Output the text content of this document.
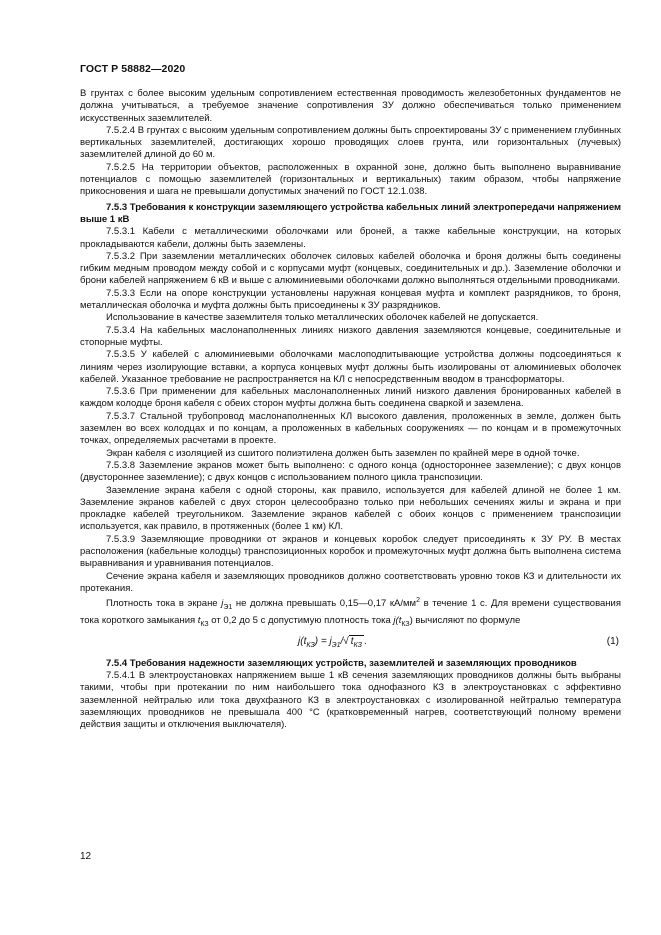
ГОСТ Р 58882—2020

В грунтах с более высоким удельным сопротивлением естественная проводимость железобетонных фундаментов не должна учитываться, а требуемое значение сопротивления ЗУ должно обеспечиваться только применением искусственных заземлителей.

7.5.2.4 В грунтах с высоким удельным сопротивлением должны быть спроектированы ЗУ с применением глубинных вертикальных заземлителей, достигающих хорошо проводящих слоев грунта, или горизонтальных (лучевых) заземлителей длиной до 60 м.

7.5.2.5 На территории объектов, расположенных в охранной зоне, должно быть выполнено выравнивание потенциалов с помощью заземлителей (горизонтальных и вертикальных) таким образом, чтобы напряжение прикосновения и шага не превышали допустимых значений по ГОСТ 12.1.038.

7.5.3 Требования к конструкции заземляющего устройства кабельных линий электропередачи напряжением выше 1 кВ

7.5.3.1 Кабели с металлическими оболочками или броней, а также кабельные конструкции, на которых прокладываются кабели, должны быть заземлены.

7.5.3.2 При заземлении металлических оболочек силовых кабелей оболочка и броня должны быть соединены гибким медным проводом между собой и с корпусами муфт (концевых, соединительных и др.). Заземление оболочки и брони кабелей напряжением 6 кВ и выше с алюминиевыми оболочками должно выполняться отдельными проводниками.

7.5.3.3 Если на опоре конструкции установлены наружная концевая муфта и комплект разрядников, то броня, металлическая оболочка и муфта должны быть присоединены к ЗУ разрядников.

Использование в качестве заземлителя только металлических оболочек кабелей не допускается.

7.5.3.4 На кабельных маслонаполненных линиях низкого давления заземляются концевые, соединительные и стопорные муфты.

7.5.3.5 У кабелей с алюминиевыми оболочками маслоподпитывающие устройства должны подсоединяться к линиям через изолирующие вставки, а корпуса концевых муфт должны быть изолированы от алюминиевых оболочек кабелей. Указанное требование не распространяется на КЛ с непосредственным вводом в трансформаторы.

7.5.3.6 При применении для кабельных маслонаполненных линий низкого давления бронированных кабелей в каждом колодце броня кабеля с обеих сторон муфты должна быть соединена сваркой и заземлена.

7.5.3.7 Стальной трубопровод маслонаполненных КЛ высокого давления, проложенных в земле, должен быть заземлен во всех колодцах и по концам, а проложенных в кабельных сооружениях — по концам и в промежуточных точках, определяемых расчетами в проекте.

Экран кабеля с изоляцией из сшитого полиэтилена должен быть заземлен по крайней мере в одной точке.

7.5.3.8 Заземление экранов может быть выполнено: с одного конца (одностороннее заземление); с двух концов (двустороннее заземление); с двух концов с использованием полного цикла транспозиции.

Заземление экрана кабеля с одной стороны, как правило, используется для кабелей длиной не более 1 км. Заземление экранов кабелей с двух сторон целесообразно только при небольших сечениях жилы и экрана и при прокладке кабелей треугольником. Заземление экранов кабелей с обоих концов с применением транспозиции используется, как правило, в протяженных (более 1 км) КЛ.

7.5.3.9 Заземляющие проводники от экранов и концевых коробок следует присоединять к ЗУ РУ. В местах расположения (кабельные колодцы) транспозиционных коробок и промежуточных муфт должна быть выполнена система выравнивания и уравнивания потенциалов.

Сечение экрана кабеля и заземляющих проводников должно соответствовать уровню токов КЗ и длительности их протекания.

Плотность тока в экране $j_{Э1}$ не должна превышать 0,15—0,17 $кА/мм^2$ в течение 1 с. Для времени существования тока короткого замыкания $t_{КЗ}$ от 0,2 до 5 с допустимую плотность тока $j(t_{КЗ})$ вычисляют по формуле

$j(t_{КЗ}) = j_{Э1}/√$ $t_{КЗ}$ .	(1)

7.5.4 Требования надежности заземляющих устройств, заземлителей и заземляющих проводников

7.5.4.1 В электроустановках напряжением выше 1 кВ сечения заземляющих проводников должны быть выбраны такими, чтобы при протекании по ним наибольшего тока однофазного КЗ в электроустановках с эффективно заземленной нейтралью или тока двухфазного КЗ в электроустановках с изолированной нейтралью температура заземляющих проводников не превышала 400 °С (кратковременный нагрев, соответствующий полному времени действия защиты и отключения выключателя).

12
